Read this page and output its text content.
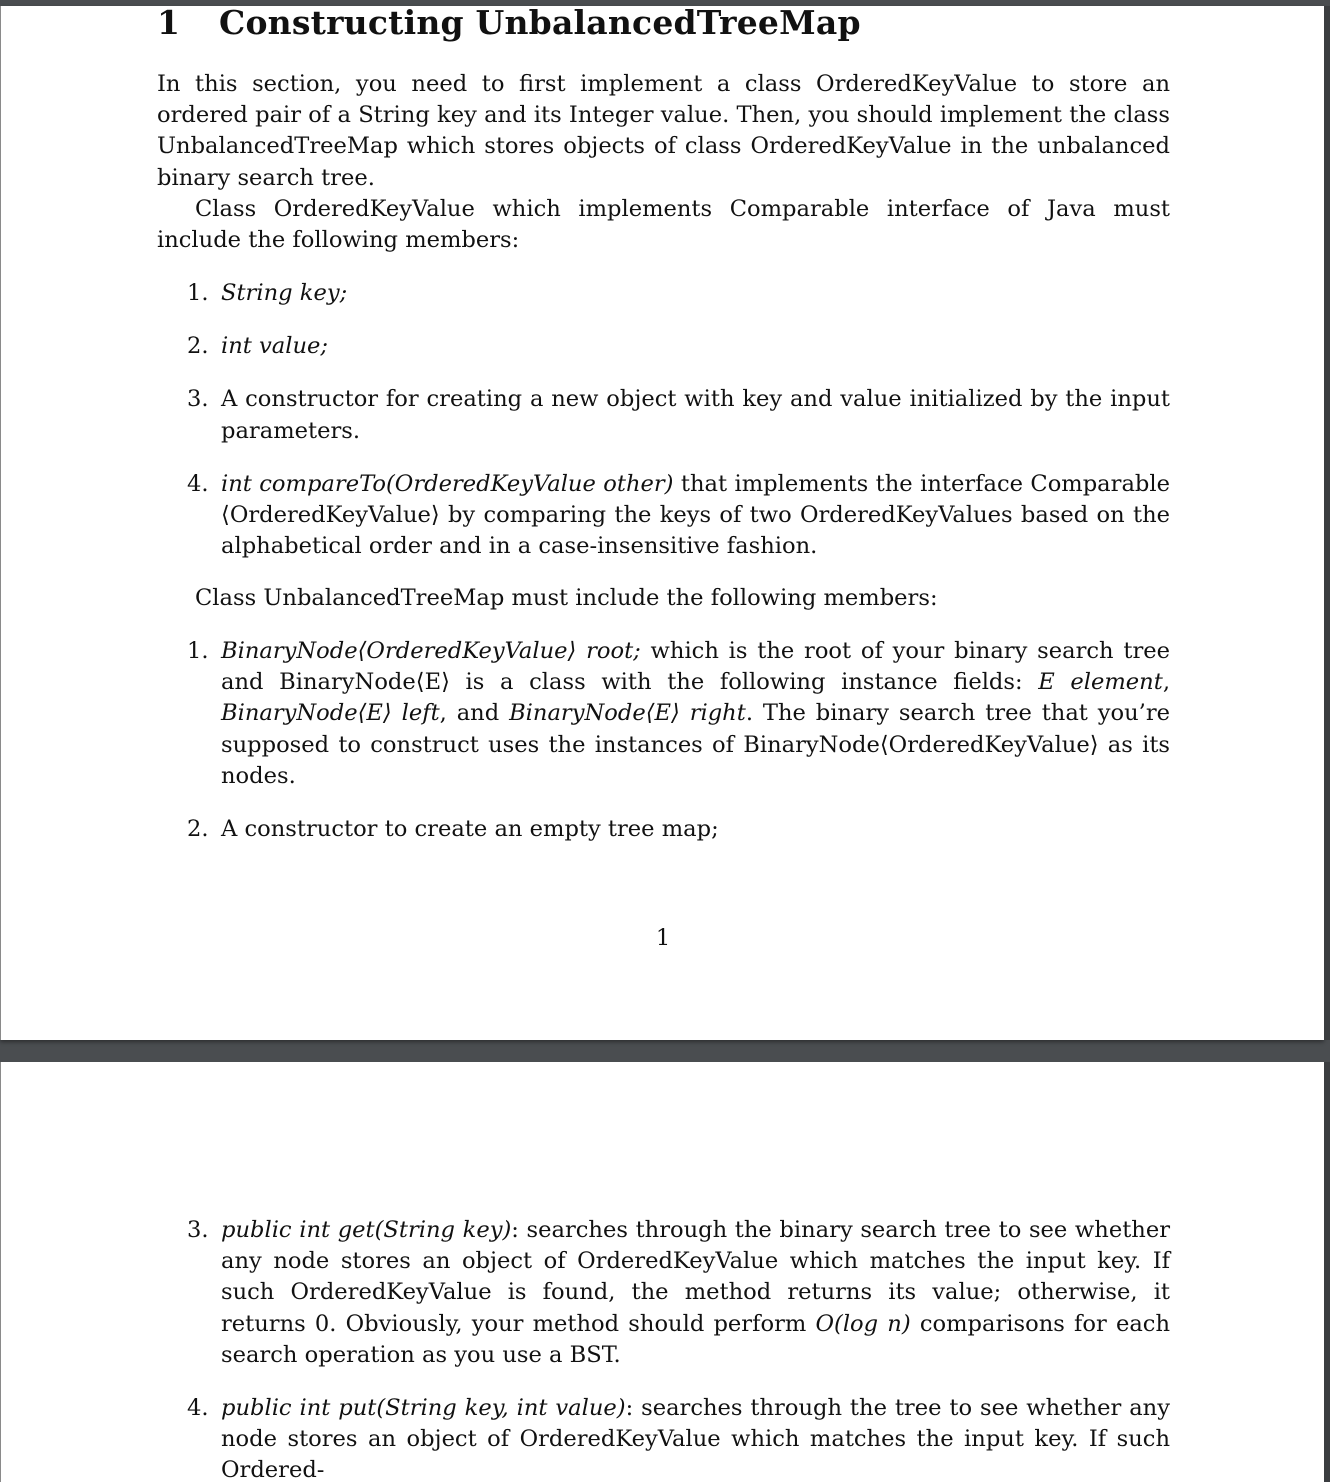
1 Constructing UnbalancedTreeMap

In this section, you need to first implement a class OrderedKeyValue to store an ordered pair of a String key and its Integer value. Then, you should implement the class UnbalancedTreeMap which stores objects of class OrderedKeyValue in the unbalanced binary search tree.

Class OrderedKeyValue which implements Comparable interface of Java must include the following members:

1. String key;
2. int value;
3. A constructor for creating a new object with key and value initialized by the input parameters.
4. int compareTo(OrderedKeyValue other) that implements the interface Comparable ⟨OrderedKeyValue⟩ by comparing the keys of two OrderedKeyValues based on the alphabetical order and in a case-insensitive fashion.

Class UnbalancedTreeMap must include the following members:

1. BinaryNode⟨OrderedKeyValue⟩ root; which is the root of your binary search tree and BinaryNode⟨E⟩ is a class with the following instance fields: E element, BinaryNode⟨E⟩ left, and BinaryNode⟨E⟩ right. The binary search tree that you’re supposed to construct uses the instances of BinaryNode⟨OrderedKeyValue⟩ as its nodes.
2. A constructor to create an empty tree map;
1
3. public int get(String key): searches through the binary search tree to see whether any node stores an object of OrderedKeyValue which matches the input key. If such OrderedKeyValue is found, the method returns its value; otherwise, it returns 0. Obviously, your method should perform O(log n) comparisons for each search operation as you use a BST.
4. public int put(String key, int value): searches through the tree to see whether any node stores an object of OrderedKeyValue which matches the input key. If such Ordered-
